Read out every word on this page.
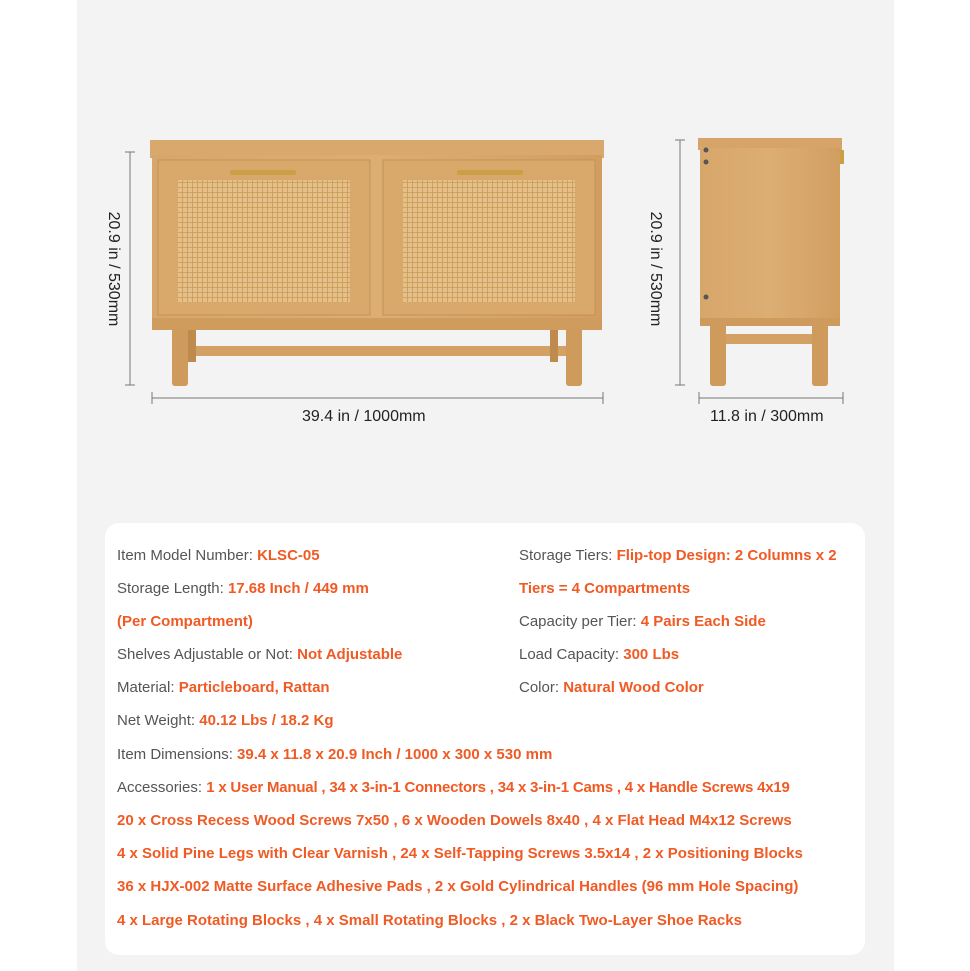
20.9 in / 530mm
39.4 in / 1000mm
20.9 in / 530mm
11.8 in / 300mm
Item Model Number: KLSC-05
Storage Length: 17.68 Inch / 449 mm
(Per Compartment)
Shelves Adjustable or Not: Not Adjustable
Material: Particleboard, Rattan
Net Weight: 40.12 Lbs / 18.2 Kg
Item Dimensions: 39.4 x 11.8 x 20.9 Inch / 1000 x 300 x 530 mm
Storage Tiers: Flip-top Design: 2 Columns x 2
Tiers = 4 Compartments
Capacity per Tier: 4 Pairs Each Side
Load Capacity: 300 Lbs
Color: Natural Wood Color
Accessories: 1 x User Manual , 34 x 3-in-1 Connectors , 34 x 3-in-1 Cams , 4 x Handle Screws 4x19
20 x Cross Recess Wood Screws 7x50 , 6 x Wooden Dowels 8x40 , 4 x Flat Head M4x12 Screws
4 x Solid Pine Legs with Clear Varnish , 24 x Self-Tapping Screws 3.5x14 , 2 x Positioning Blocks
36 x HJX-002 Matte Surface Adhesive Pads , 2 x Gold Cylindrical Handles (96 mm Hole Spacing)
4 x Large Rotating Blocks , 4 x Small Rotating Blocks , 2 x Black Two-Layer Shoe Racks
